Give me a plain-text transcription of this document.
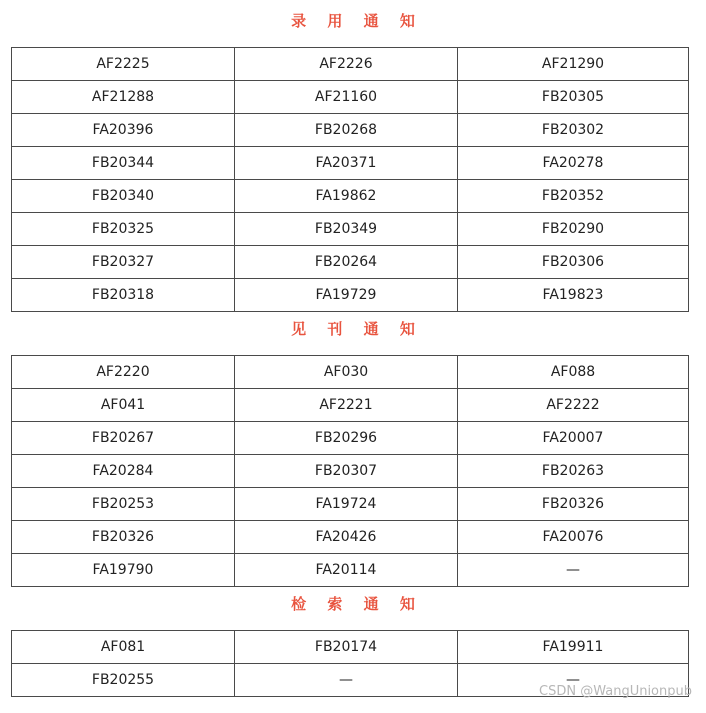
录 用 通 知
AF2225	AF2226	AF21290
AF21288	AF21160	FB20305
FA20396	FB20268	FB20302
FB20344	FA20371	FA20278
FB20340	FA19862	FB20352
FB20325	FB20349	FB20290
FB20327	FB20264	FB20306
FB20318	FA19729	FA19823
见 刊 通 知
AF2220	AF030	AF088
AF041	AF2221	AF2222
FB20267	FB20296	FA20007
FA20284	FB20307	FB20263
FB20253	FA19724	FB20326
FB20326	FA20426	FA20076
FA19790	FA20114	—
检 索 通 知
AF081	FB20174	FA19911
FB20255	—	—
CSDN @WangUnionpub
